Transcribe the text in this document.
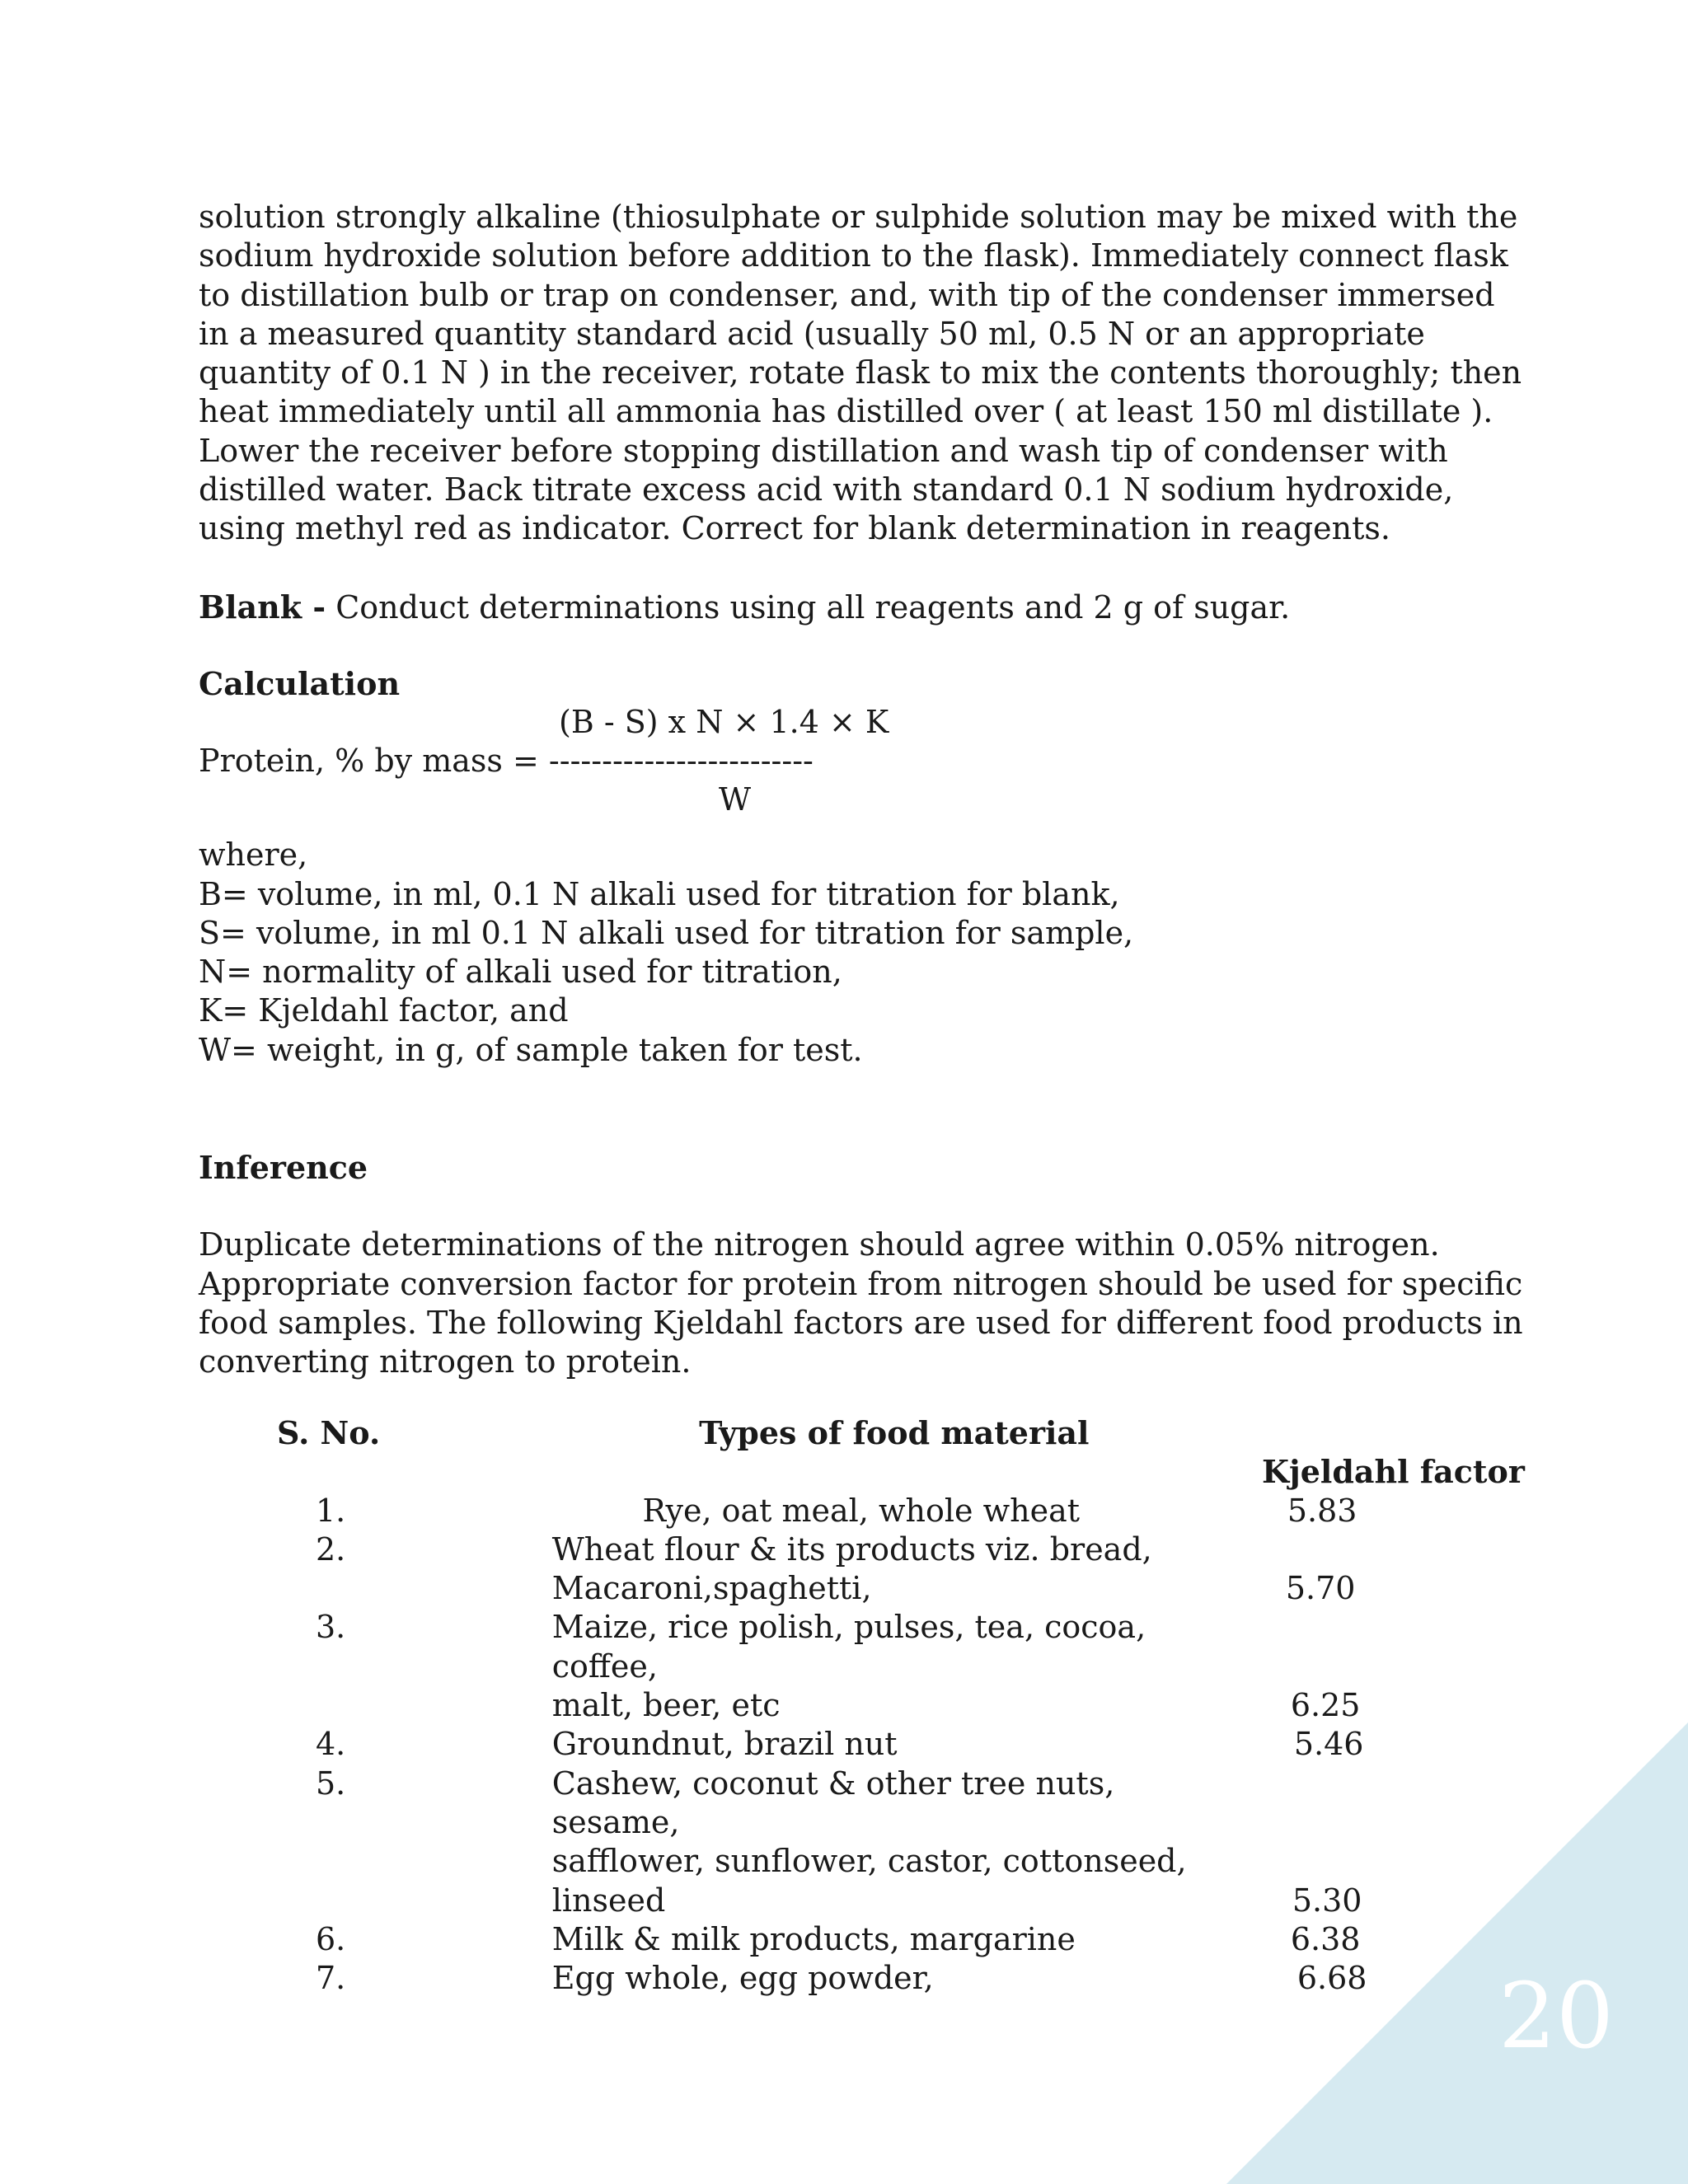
solution strongly alkaline (thiosulphate or sulphide solution may be mixed with the

sodium hydroxide solution before addition to the flask). Immediately connect flask

to distillation bulb or trap on condenser, and, with tip of the condenser immersed

in a measured quantity standard acid (usually 50 ml, 0.5 N or an appropriate

quantity of 0.1 N ) in the receiver, rotate flask to mix the contents thoroughly; then

heat immediately until all ammonia has distilled over ( at least 150 ml distillate ).

Lower the receiver before stopping distillation and wash tip of condenser with

distilled water. Back titrate excess acid with standard 0.1 N sodium hydroxide,

using methyl red as indicator. Correct for blank determination in reagents.

Blank - Conduct determinations using all reagents and 2 g of sugar.

Calculation

(B - S) x N × 1.4 × K
Protein, % by mass = -------------------------
W

where,

B= volume, in ml, 0.1 N alkali used for titration for blank,

S= volume, in ml 0.1 N alkali used for titration for sample,

N= normality of alkali used for titration,

K= Kjeldahl factor, and

W= weight, in g, of sample taken for test.

Inference

Duplicate determinations of the nitrogen should agree within 0.05% nitrogen.

Appropriate conversion factor for protein from nitrogen should be used for specific

food samples. The following Kjeldahl factors are used for different food products in

converting nitrogen to protein.

S. No.	Types of food material	Kjeldahl factor
1.	Rye, oat meal, whole wheat	5.83
2.	Wheat flour & its products viz. bread,
Macaroni,spaghetti,	5.70
3.	Maize, rice polish, pulses, tea, cocoa, coffee,
malt, beer, etc	6.25
4.	Groundnut, brazil nut	5.46
5.	Cashew, coconut & other tree nuts, sesame,
safflower, sunflower, castor, cottonseed, linseed	5.30
6.	Milk & milk products, margarine	6.38
7.	Egg whole, egg powder,	6.68 20
